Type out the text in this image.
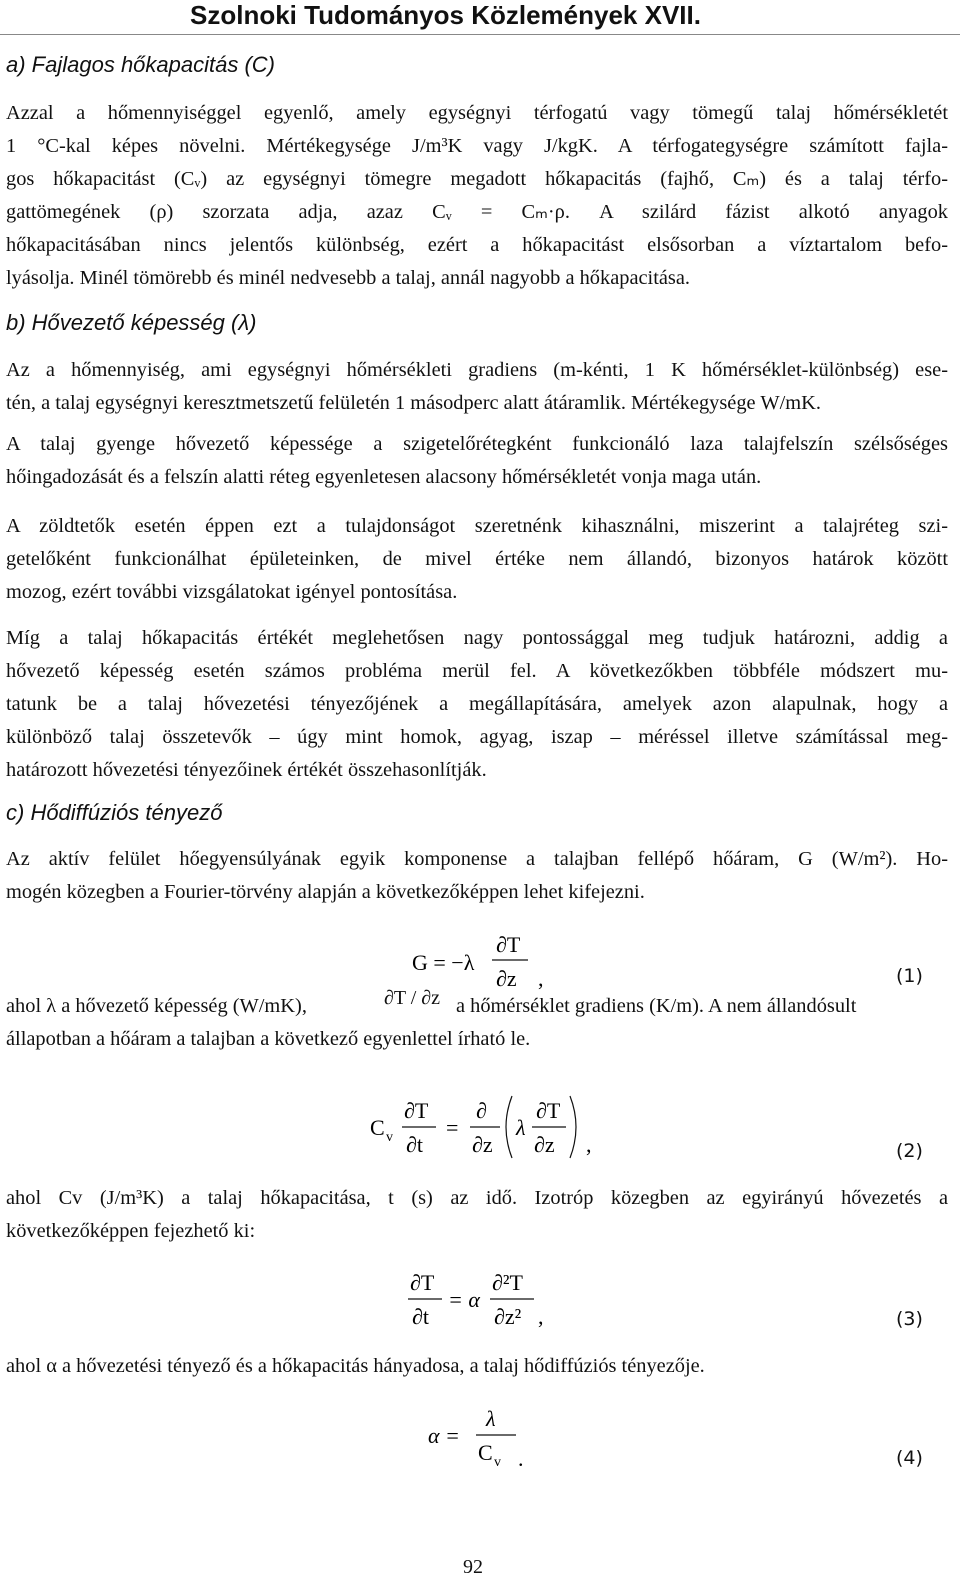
Szolnoki Tudományos Közlemények XVII.
a) Fajlagos hőkapacitás (C)
Azzal a hőmennyiséggel egyenlő, amely egységnyi térfogatú vagy tömegű talaj hőmérsékletét
1 °C-kal képes növelni. Mértékegysége J/m³K vagy J/kgK. A térfogategységre számított fajla-
gos hőkapacitást (Cᵥ) az egységnyi tömegre megadott hőkapacitás (fajhő, Cₘ) és a talaj térfo-
gattömegének (ρ) szorzata adja, azaz Cᵥ = Cₘ·ρ. A szilárd fázist alkotó anyagok
hőkapacitásában nincs jelentős különbség, ezért a hőkapacitást elsősorban a víztartalom befo-
lyásolja. Minél tömörebb és minél nedvesebb a talaj, annál nagyobb a hőkapacitása.
b) Hővezető képesség (λ)
Az a hőmennyiség, ami egységnyi hőmérsékleti gradiens (m-kénti, 1 K hőmérséklet-különbség) ese-
tén, a talaj egységnyi keresztmetszetű felületén 1 másodperc alatt átáramlik. Mértékegysége W/mK.
A talaj gyenge hővezető képessége a szigetelőrétegként funkcionáló laza talajfelszín szélsőséges
hőingadozását és a felszín alatti réteg egyenletesen alacsony hőmérsékletét vonja maga után.
A zöldtetők esetén éppen ezt a tulajdonságot szeretnénk kihasználni, miszerint a talajréteg szi-
getelőként funkcionálhat épületeinken, de mivel értéke nem állandó, bizonyos határok között
mozog, ezért további vizsgálatokat igényel pontosítása.
Míg a talaj hőkapacitás értékét meglehetősen nagy pontossággal meg tudjuk határozni, addig a
hővezető képesség esetén számos probléma merül fel. A következőkben többféle módszert mu-
tatunk be a talaj hővezetési tényezőjének a megállapítására, amelyek azon alapulnak, hogy a
különböző talaj összetevők – úgy mint homok, agyag, iszap – méréssel illetve számítással meg-
határozott hővezetési tényezőinek értékét összehasonlítják.
c) Hődiffúziós tényező
Az aktív felület hőegyensúlyának egyik komponense a talajban fellépő hőáram, G (W/m²). Ho-
mogén közegben a Fourier-törvény alapján a következőképpen lehet kifejezni.
G = −λ
∂T
∂z ,	(1)
ahol λ a hővezető képesség (W/mK),	∂T / ∂z a hőmérséklet gradiens (K/m). A nem állandósult
állapotban a hőáram a talajban a következő egyenlettel írható le.
C v
∂T
∂t
=
∂
∂z
λ
∂T
∂z ,	(2)
ahol Cv (J/m³K) a talaj hőkapacitása, t (s) az idő. Izotróp közegben az egyirányú hővezetés a
következőképpen fejezhető ki:
∂T
∂t
= α
∂²T
∂z² ,	(3)
ahol α a hővezetési tényező és a hőkapacitás hányadosa, a talaj hődiffúziós tényezője.
α =
λ
C v .	(4)
92
